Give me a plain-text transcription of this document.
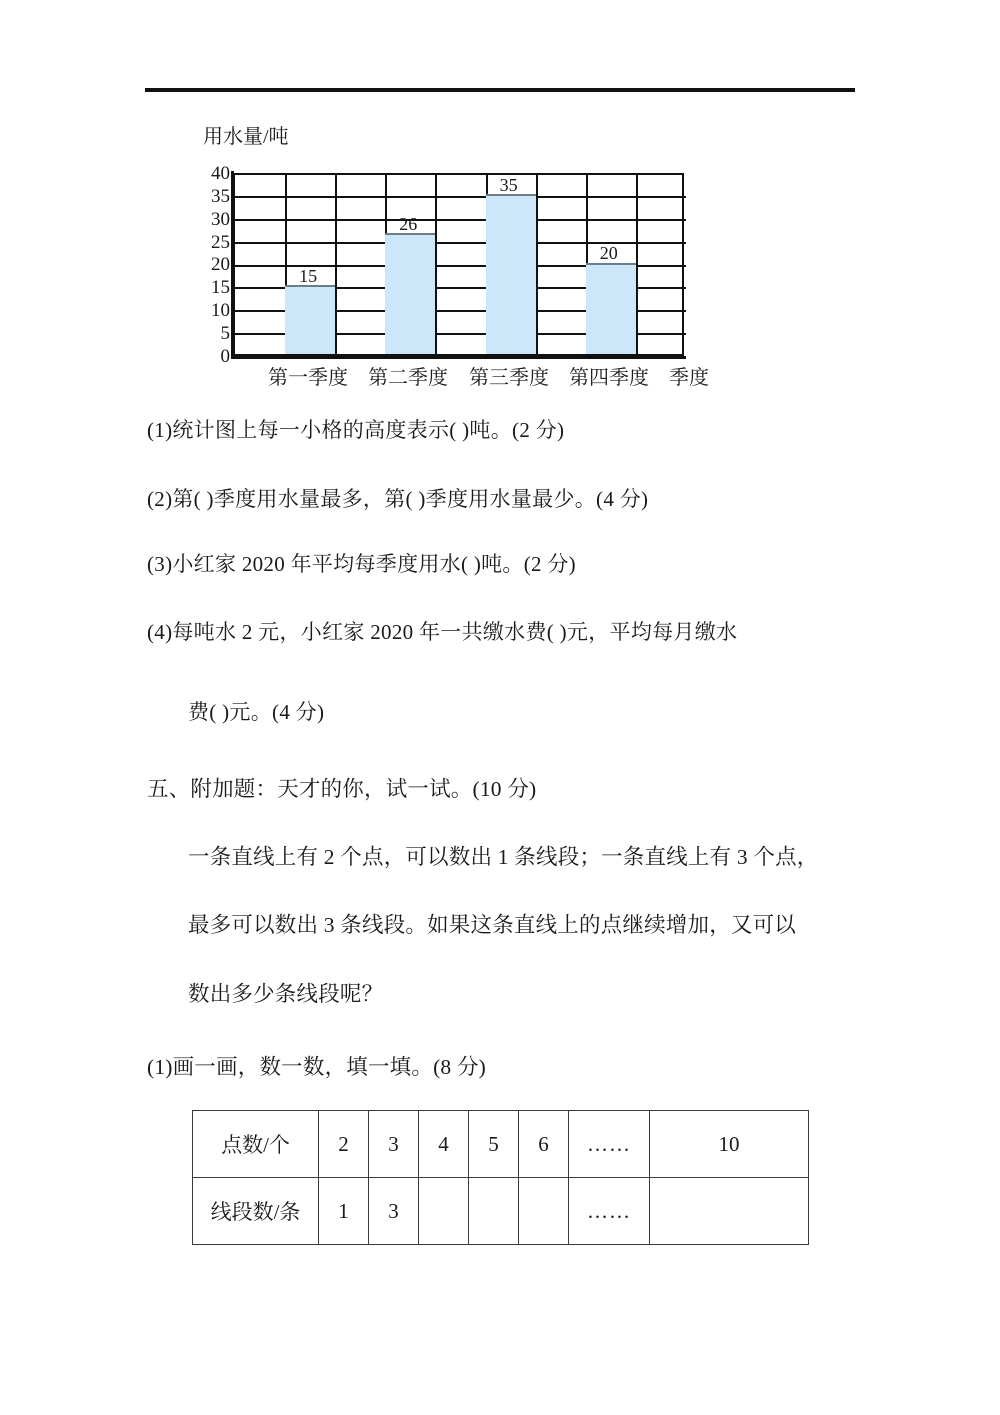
用水量/吨
40
35
30
25
20
15
10
5
0
15
26
35
20
第一季度	第二季度	第三季度	第四季度	季度
(1)统计图上每一小格的高度表示( )吨。(2 分)
(2)第( )季度用水量最多，第( )季度用水量最少。(4 分)
(3)小红家 2020 年平均每季度用水( )吨。(2 分)
(4)每吨水 2 元，小红家 2020 年一共缴水费( )元，平均每月缴水
费( )元。(4 分)
五、附加题：天才的你，试一试。(10 分)
一条直线上有 2 个点，可以数出 1 条线段；一条直线上有 3 个点，
最多可以数出 3 条线段。如果这条直线上的点继续增加，又可以
数出多少条线段呢？
(1)画一画，数一数，填一填。(8 分)
点数/个	2	3	4	5	6	……	10
线段数/条	1	3				……	
